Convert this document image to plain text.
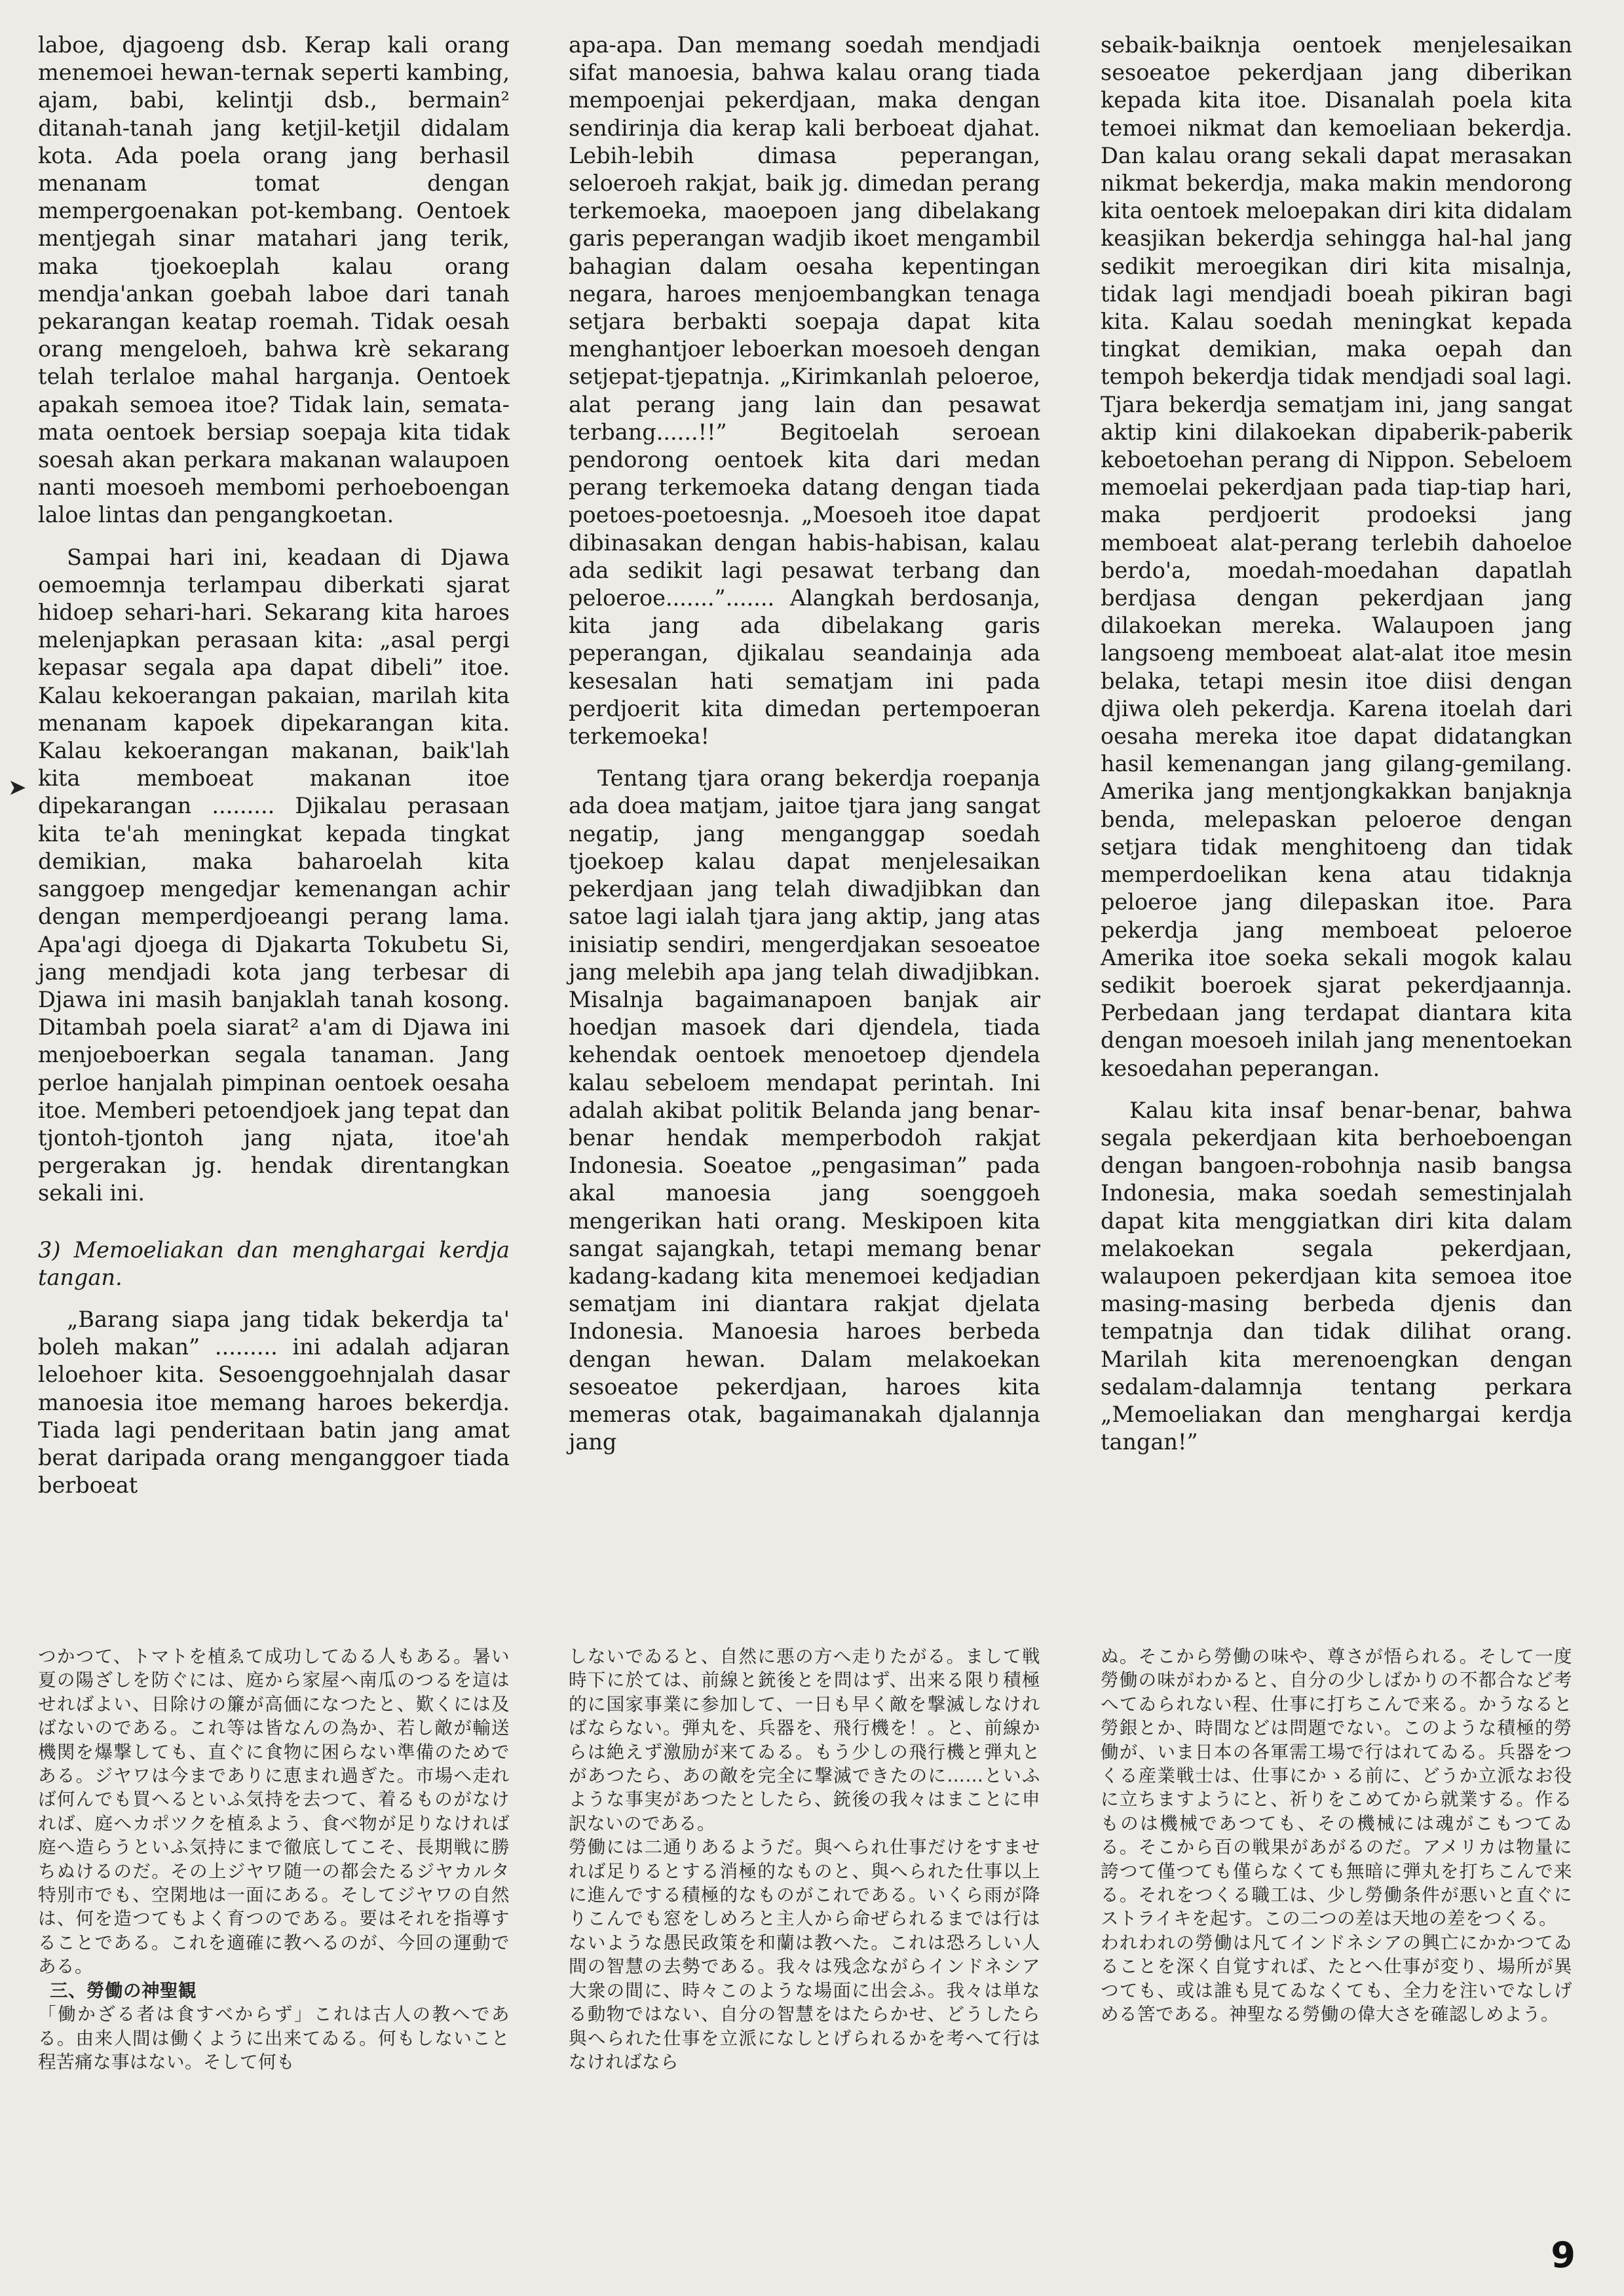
➤

laboe, djagoeng dsb. Kerap kali orang menemoei hewan-ternak seperti kambing, ajam, babi, kelintji dsb., bermain² ditanah-tanah jang ketjil-ketjil didalam kota. Ada poela orang jang berhasil menanam tomat dengan mempergoenakan pot-kembang. Oentoek mentjegah sinar matahari jang terik, maka tjoekoeplah kalau orang mendja'ankan goebah laboe dari tanah pekarangan keatap roemah. Tidak oesah orang mengeloeh, bahwa krè sekarang telah terlaloe mahal harganja. Oentoek apakah semoea itoe? Tidak lain, semata-mata oentoek bersiap soepaja kita tidak soesah akan perkara makanan walaupoen nanti moesoeh membomi perhoeboengan laloe lintas dan pengangkoetan.

Sampai hari ini, keadaan di Djawa oemoemnja terlampau diberkati sjarat hidoep sehari-hari. Sekarang kita haroes melenjapkan perasaan kita: „asal pergi kepasar segala apa dapat dibeli” itoe. Kalau kekoerangan pakaian, marilah kita menanam kapoek dipekarangan kita. Kalau kekoerangan makanan, baik'lah kita memboeat makanan itoe dipekarangan ......... Djikalau perasaan kita te'ah meningkat kepada tingkat demikian, maka baharoelah kita sanggoep mengedjar kemenangan achir dengan memperdjoeangi perang lama. Apa'agi djoega di Djakarta Tokubetu Si, jang mendjadi kota jang terbesar di Djawa ini masih banjaklah tanah kosong. Ditambah poela siarat² a'am di Djawa ini menjoeboerkan segala tanaman. Jang perloe hanjalah pimpinan oentoek oesaha itoe. Memberi petoendjoek jang tepat dan tjontoh-tjontoh jang njata, itoe'ah pergerakan jg. hendak direntangkan sekali ini.

3) Memoeliakan dan menghargai kerdja tangan.

„Barang siapa jang tidak bekerdja ta' boleh makan” ......... ini adalah adjaran leloehoer kita. Sesoenggoehnjalah dasar manoesia itoe memang haroes bekerdja. Tiada lagi penderitaan batin jang amat berat daripada orang menganggoer tiada berboeat

apa-apa. Dan memang soedah mendjadi sifat manoesia, bahwa kalau orang tiada mempoenjai pekerdjaan, maka dengan sendirinja dia kerap kali berboeat djahat. Lebih-lebih dimasa peperangan, seloeroeh rakjat, baik jg. dimedan perang terkemoeka, maoepoen jang dibelakang garis peperangan wadjib ikoet mengambil bahagian dalam oesaha kepentingan negara, haroes menjoembangkan tenaga setjara berbakti soepaja dapat kita menghantjoer leboerkan moesoeh dengan setjepat-tjepatnja. „Kirimkanlah peloeroe, alat perang jang lain dan pesawat terbang......!!” Begitoelah seroean pendorong oentoek kita dari medan perang terkemoeka datang dengan tiada poetoes-poetoesnja. „Moesoeh itoe dapat dibinasakan dengan habis-habisan, kalau ada sedikit lagi pesawat terbang dan peloeroe.......”....... Alangkah berdosanja, kita jang ada dibelakang garis peperangan, djikalau seandainja ada kesesalan hati sematjam ini pada perdjoerit kita dimedan pertempoeran terkemoeka!

Tentang tjara orang bekerdja roepanja ada doea matjam, jaitoe tjara jang sangat negatip, jang menganggap soedah tjoekoep kalau dapat menjelesaikan pekerdjaan jang telah diwadjibkan dan satoe lagi ialah tjara jang aktip, jang atas inisiatip sendiri, mengerdjakan sesoeatoe jang melebih apa jang telah diwadjibkan. Misalnja bagaimanapoen banjak air hoedjan masoek dari djendela, tiada kehendak oentoek menoetoep djendela kalau sebeloem mendapat perintah. Ini adalah akibat politik Belanda jang benar-benar hendak memperbodoh rakjat Indonesia. Soeatoe „pengasiman” pada akal manoesia jang soenggoeh mengerikan hati orang. Meskipoen kita sangat sajangkah, tetapi memang benar kadang-kadang kita menemoei kedjadian sematjam ini diantara rakjat djelata Indonesia. Manoesia haroes berbeda dengan hewan. Dalam melakoekan sesoeatoe pekerdjaan, haroes kita memeras otak, bagaimanakah djalannja jang

sebaik-baiknja oentoek menjelesaikan sesoeatoe pekerdjaan jang diberikan kepada kita itoe. Disanalah poela kita temoei nikmat dan kemoeliaan bekerdja. Dan kalau orang sekali dapat merasakan nikmat bekerdja, maka makin mendorong kita oentoek meloepakan diri kita didalam keasjikan bekerdja sehingga hal-hal jang sedikit meroegikan diri kita misalnja, tidak lagi mendjadi boeah pikiran bagi kita. Kalau soedah meningkat kepada tingkat demikian, maka oepah dan tempoh bekerdja tidak mendjadi soal lagi. Tjara bekerdja sematjam ini, jang sangat aktip kini dilakoekan dipaberik-paberik keboetoehan perang di Nippon. Sebeloem memoelai pekerdjaan pada tiap-tiap hari, maka perdjoerit prodoeksi jang memboeat alat-perang terlebih dahoeloe berdo'a, moedah-moedahan dapatlah berdjasa dengan pekerdjaan jang dilakoekan mereka. Walaupoen jang langsoeng memboeat alat-alat itoe mesin belaka, tetapi mesin itoe diisi dengan djiwa oleh pekerdja. Karena itoelah dari oesaha mereka itoe dapat didatangkan hasil kemenangan jang gilang-gemilang. Amerika jang mentjongkakkan banjaknja benda, melepaskan peloeroe dengan setjara tidak menghitoeng dan tidak memperdoelikan kena atau tidaknja peloeroe jang dilepaskan itoe. Para pekerdja jang memboeat peloeroe Amerika itoe soeka sekali mogok kalau sedikit boeroek sjarat pekerdjaannja. Perbedaan jang terdapat diantara kita dengan moesoeh inilah jang menentoekan kesoedahan peperangan.

Kalau kita insaf benar-benar, bahwa segala pekerdjaan kita berhoeboengan dengan bangoen-robohnja nasib bangsa Indonesia, maka soedah semestinjalah dapat kita menggiatkan diri kita dalam melakoekan segala pekerdjaan, walaupoen pekerdjaan kita semoea itoe masing-masing berbeda djenis dan tempatnja dan tidak dilihat orang. Marilah kita merenoengkan dengan sedalam-dalamnja tentang perkara „Memoeliakan dan menghargai kerdja tangan!”

つかつて、トマトを植ゑて成功してゐる人もある。暑い夏の陽ざしを防ぐには、庭から家屋へ南瓜のつるを這はせればよい、日除けの簾が高価になつたと、歎くには及ばないのである。これ等は皆なんの為か、若し敵が輸送機関を爆撃しても、直ぐに食物に困らない準備のためである。ジヤワは今までありに恵まれ過ぎた。市場へ走れば何んでも買へるといふ気持を去つて、着るものがなければ、庭へカポツクを植ゑよう、食べ物が足りなければ庭へ造らうといふ気持にまで徹底してこそ、長期戦に勝ちぬけるのだ。その上ジヤワ随一の都会たるジヤカルタ特別市でも、空閑地は一面にある。そしてジヤワの自然は、何を造つてもよく育つのである。要はそれを指導することである。これを適確に教へるのが、今回の運動である。

三、勞働の神聖観

「働かざる者は食すべからず」これは古人の教へである。由来人間は働くように出来てゐる。何もしないこと程苦痛な事はない。そして何も

しないでゐると、自然に悪の方へ走りたがる。まして戦時下に於ては、前線と銃後とを問はず、出来る限り積極的に国家事業に参加して、一日も早く敵を撃滅しなければならない。弾丸を、兵器を、飛行機を！。と、前線からは絶えず激励が来てゐる。もう少しの飛行機と弾丸とがあつたら、あの敵を完全に撃滅できたのに……といふような事実があつたとしたら、銃後の我々はまことに申訳ないのである。

勞働には二通りあるようだ。與へられ仕事だけをすませれば足りるとする消極的なものと、與へられた仕事以上に進んでする積極的なものがこれである。いくら雨が降りこんでも窓をしめろと主人から命ぜられるまでは行はないような愚民政策を和蘭は教へた。これは恐ろしい人間の智慧の去勢である。我々は残念ながらインドネシア大衆の間に、時々このような場面に出会ふ。我々は単なる動物ではない、自分の智慧をはたらかせ、どうしたら與へられた仕事を立派になしとげられるかを考へて行はなければなら

ぬ。そこから勞働の味や、尊さが悟られる。そして一度勞働の味がわかると、自分の少しばかりの不都合など考へてゐられない程、仕事に打ちこんで来る。かうなると勞銀とか、時間などは問題でない。このような積極的勞働が、いま日本の各軍需工場で行はれてゐる。兵器をつくる産業戦士は、仕事にかゝる前に、どうか立派なお役に立ちますようにと、祈りをこめてから就業する。作るものは機械であつても、その機械には魂がこもつてゐる。そこから百の戦果があがるのだ。アメリカは物量に誇つて僅つても僅らなくても無暗に弾丸を打ちこんで来る。それをつくる職工は、少し勞働条件が悪いと直ぐにストライキを起す。この二つの差は天地の差をつくる。

われわれの勞働は凡てインドネシアの興亡にかかつてゐることを深く自覚すれば、たとへ仕事が変り、場所が異つても、或は誰も見てゐなくても、全力を注いでなしげめる筈である。神聖なる勞働の偉大さを確認しめよう。

9
